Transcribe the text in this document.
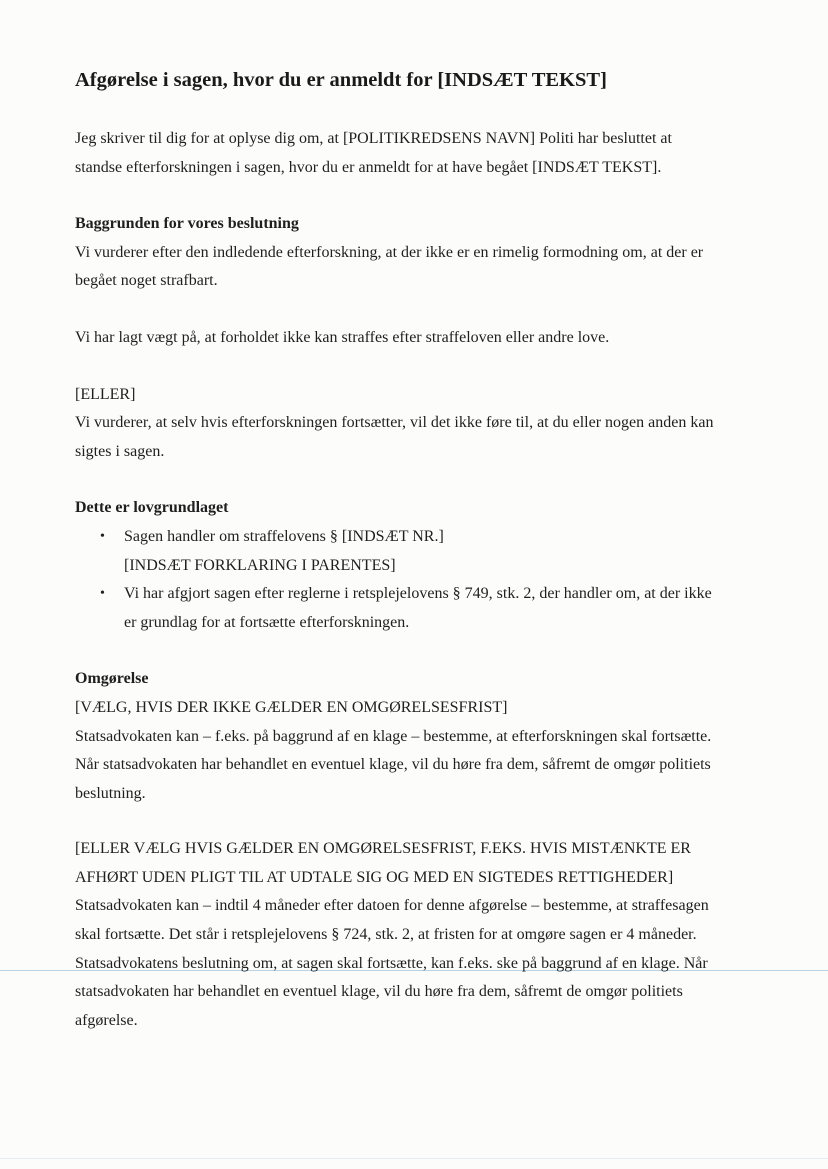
Afgørelse i sagen, hvor du er anmeldt for [INDSÆT TEKST]
Jeg skriver til dig for at oplyse dig om, at [POLITIKREDSENS NAVN] Politi har besluttet at
standse efterforskningen i sagen, hvor du er anmeldt for at have begået [INDSÆT TEKST].
Baggrunden for vores beslutning
Vi vurderer efter den indledende efterforskning, at der ikke er en rimelig formodning om, at der er
begået noget strafbart.
Vi har lagt vægt på, at forholdet ikke kan straffes efter straffeloven eller andre love.
[ELLER]
Vi vurderer, at selv hvis efterforskningen fortsætter, vil det ikke føre til, at du eller nogen anden kan
sigtes i sagen.
Dette er lovgrundlaget
• Sagen handler om straffelovens § [INDSÆT NR.]
[INDSÆT FORKLARING I PARENTES]
• Vi har afgjort sagen efter reglerne i retsplejelovens § 749, stk. 2, der handler om, at der ikke
er grundlag for at fortsætte efterforskningen.
Omgørelse
[VÆLG, HVIS DER IKKE GÆLDER EN OMGØRELSESFRIST]
Statsadvokaten kan – f.eks. på baggrund af en klage – bestemme, at efterforskningen skal fortsætte.
Når statsadvokaten har behandlet en eventuel klage, vil du høre fra dem, såfremt de omgør politiets
beslutning.
[ELLER VÆLG HVIS GÆLDER EN OMGØRELSESFRIST, F.EKS. HVIS MISTÆNKTE ER
AFHØRT UDEN PLIGT TIL AT UDTALE SIG OG MED EN SIGTEDES RETTIGHEDER]
Statsadvokaten kan – indtil 4 måneder efter datoen for denne afgørelse – bestemme, at straffesagen
skal fortsætte. Det står i retsplejelovens § 724, stk. 2, at fristen for at omgøre sagen er 4 måneder.
Statsadvokatens beslutning om, at sagen skal fortsætte, kan f.eks. ske på baggrund af en klage. Når
statsadvokaten har behandlet en eventuel klage, vil du høre fra dem, såfremt de omgør politiets
afgørelse.
